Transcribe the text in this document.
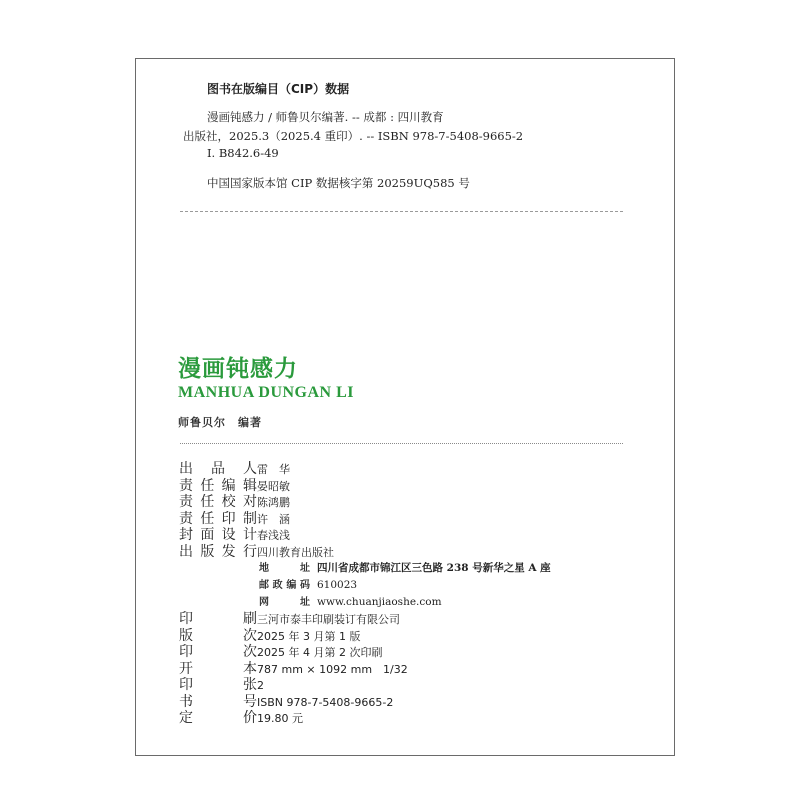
图书在版编目（CIP）数据
漫画钝感力 / 师鲁贝尔编著. -- 成都 : 四川教育
出版社，2025.3（2025.4 重印）. -- ISBN 978-7-5408-9665-2
Ⅰ. B842.6-49
中国国家版本馆 CIP 数据核字第 20259UQ585 号
漫画钝感力
MANHUA DUNGAN LI
师鲁贝尔　编著
出 品 人 雷　华
责 任 编 辑 晏昭敏
责 任 校 对 陈鸿鹏
责 任 印 制 许　涵
封 面 设 计 春浅浅
出 版 发 行 四川教育出版社
地	址 四川省成都市锦江区三色路 238 号新华之星 A 座
邮 政 编 码 610023
网	址 www.chuanjiaoshe.com
印	刷 三河市泰丰印刷装订有限公司
版	次 2025 年 3 月第 1 版
印	次 2025 年 4 月第 2 次印刷
开	本 787 mm × 1092 mm　1/32
印	张 2
书	号 ISBN 978-7-5408-9665-2
定	价 19.80 元
